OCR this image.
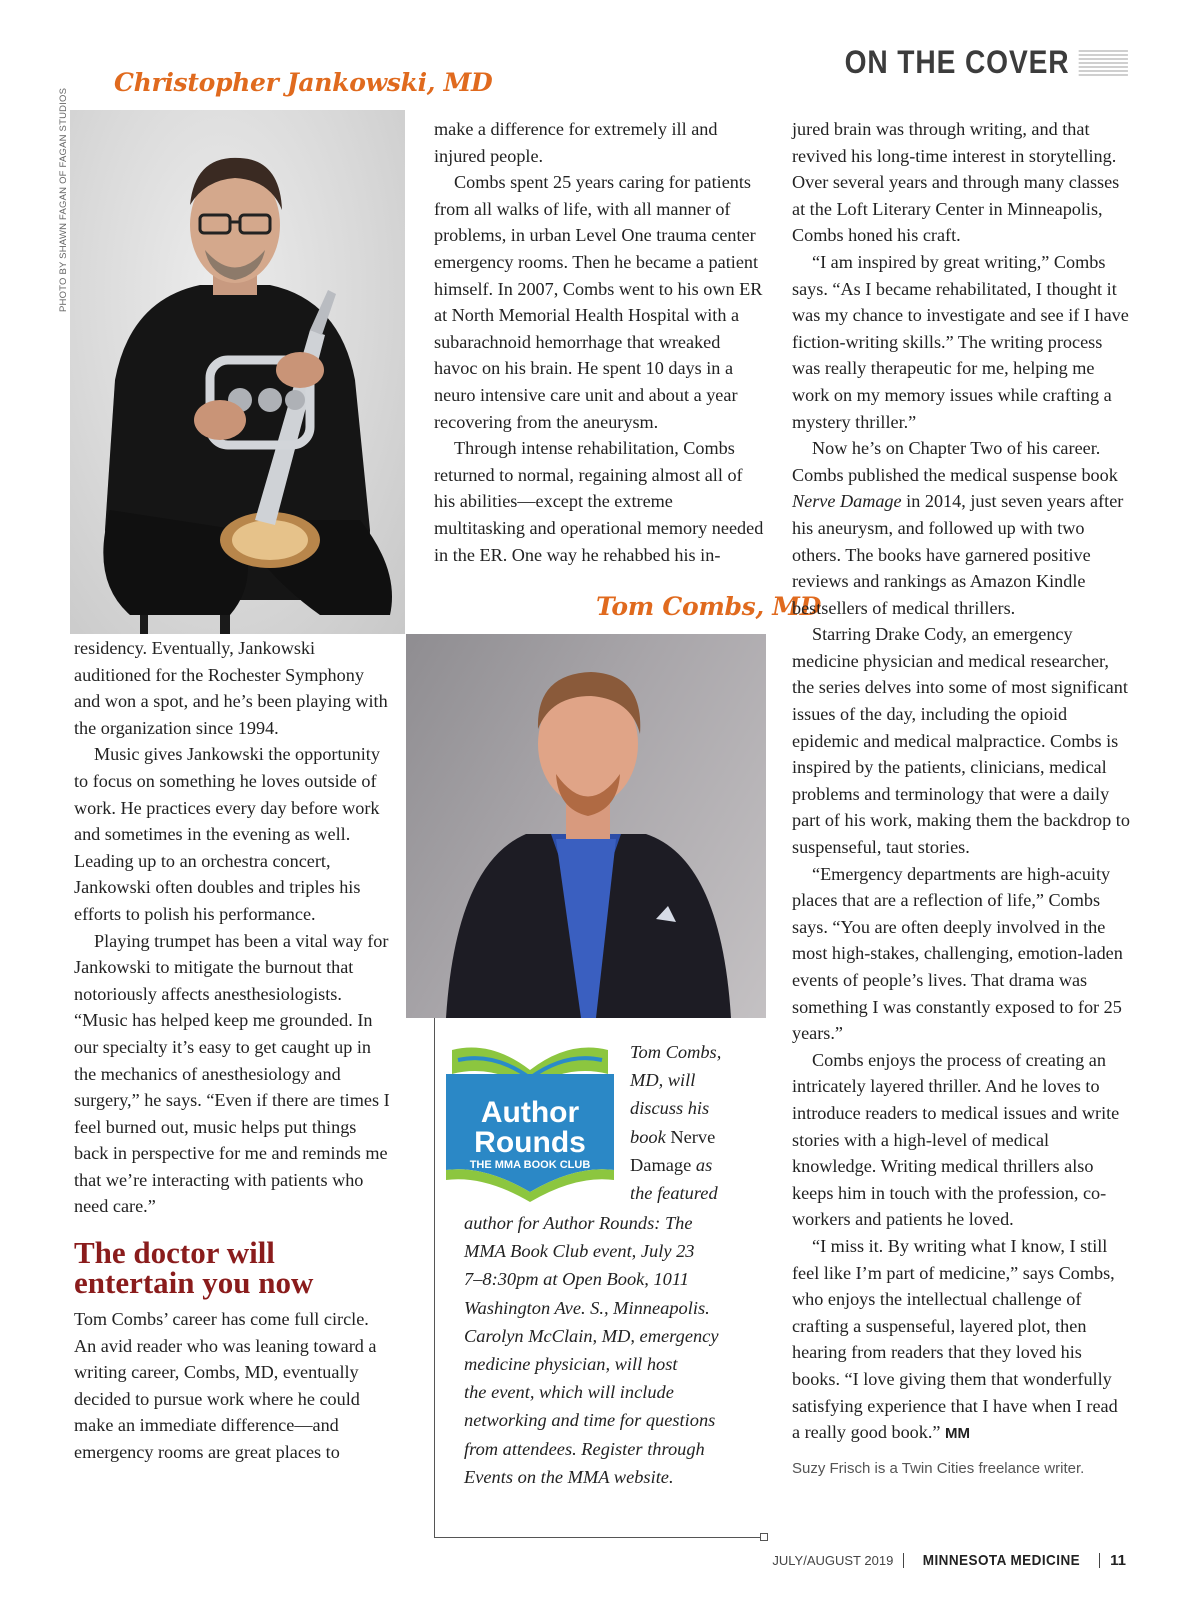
ON THE COVER
Christopher Jankowski, MD
PHOTO BY SHAWN FAGAN OF FAGAN STUDIOS

residency. Eventually, Jankowski auditioned for the Rochester Symphony and won a spot, and he’s been playing with the organization since 1994.

Music gives Jankowski the opportunity to focus on something he loves outside of work. He practices every day before work and sometimes in the evening as well. Leading up to an orchestra concert, Jankowski often doubles and triples his efforts to polish his performance.

Playing trumpet has been a vital way for Jankowski to mitigate the burnout that notoriously affects anesthesiologists. “Music has helped keep me grounded. In our specialty it’s easy to get caught up in the mechanics of anesthesiology and surgery,” he says. “Even if there are times I feel burned out, music helps put things back in perspective for me and reminds me that we’re interacting with patients who need care.”

The doctor will entertain you now

Tom Combs’ career has come full circle. An avid reader who was leaning toward a writing career, Combs, MD, eventually decided to pursue work where he could make an immediate difference—and emergency rooms are great places to

make a difference for extremely ill and injured people.

Combs spent 25 years caring for patients from all walks of life, with all manner of problems, in urban Level One trauma center emergency rooms. Then he became a patient himself. In 2007, Combs went to his own ER at North Memorial Health Hospital with a subarachnoid hemorrhage that wreaked havoc on his brain. He spent 10 days in a neuro intensive care unit and about a year recovering from the aneurysm.

Through intense rehabilitation, Combs returned to normal, regaining almost all of his abilities—except the extreme multitasking and operational memory needed in the ER. One way he rehabbed his in-

Tom Combs, MD
Author
Rounds
THE MMA BOOK CLUB

Tom Combs,

MD, will

discuss his

book Nerve

Damage as

the featured

author for Author Rounds: The

MMA Book Club event, July 23

7–8:30pm at Open Book, 1011

Washington Ave. S., Minneapolis.

Carolyn McClain, MD, emergency

medicine physician, will host

the event, which will include

networking and time for questions

from attendees. Register through

Events on the MMA website.

jured brain was through writing, and that revived his long-time interest in storytelling. Over several years and through many classes at the Loft Literary Center in Minneapolis, Combs honed his craft.

“I am inspired by great writing,” Combs says. “As I became rehabilitated, I thought it was my chance to investigate and see if I have fiction-writing skills.” The writing process was really therapeutic for me, helping me work on my memory issues while crafting a mystery thriller.”

Now he’s on Chapter Two of his career. Combs published the medical suspense book Nerve Damage in 2014, just seven years after his aneurysm, and followed up with two others. The books have garnered positive reviews and rankings as Amazon Kindle bestsellers of medical thrillers.

Starring Drake Cody, an emergency medicine physician and medical researcher, the series delves into some of most significant issues of the day, including the opioid epidemic and medical malpractice. Combs is inspired by the patients, clinicians, medical problems and terminology that were a daily part of his work, making them the backdrop to suspenseful, taut stories.

“Emergency departments are high-acuity places that are a reflection of life,” Combs says. “You are often deeply involved in the most high-stakes, challenging, emotion-laden events of people’s lives. That drama was something I was constantly exposed to for 25 years.”

Combs enjoys the process of creating an intricately layered thriller. And he loves to introduce readers to medical issues and write stories with a high-level of medical knowledge. Writing medical thrillers also keeps him in touch with the profession, co-workers and patients he loved.

“I miss it. By writing what I know, I still feel like I’m part of medicine,” says Combs, who enjoys the intellectual challenge of crafting a suspenseful, layered plot, then hearing from readers that they loved his books. “I love giving them that wonderfully satisfying experience that I have when I read a really good book.” MM

Suzy Frisch is a Twin Cities freelance writer.

JULY/AUGUST 2019 MINNESOTA MEDICINE 11
